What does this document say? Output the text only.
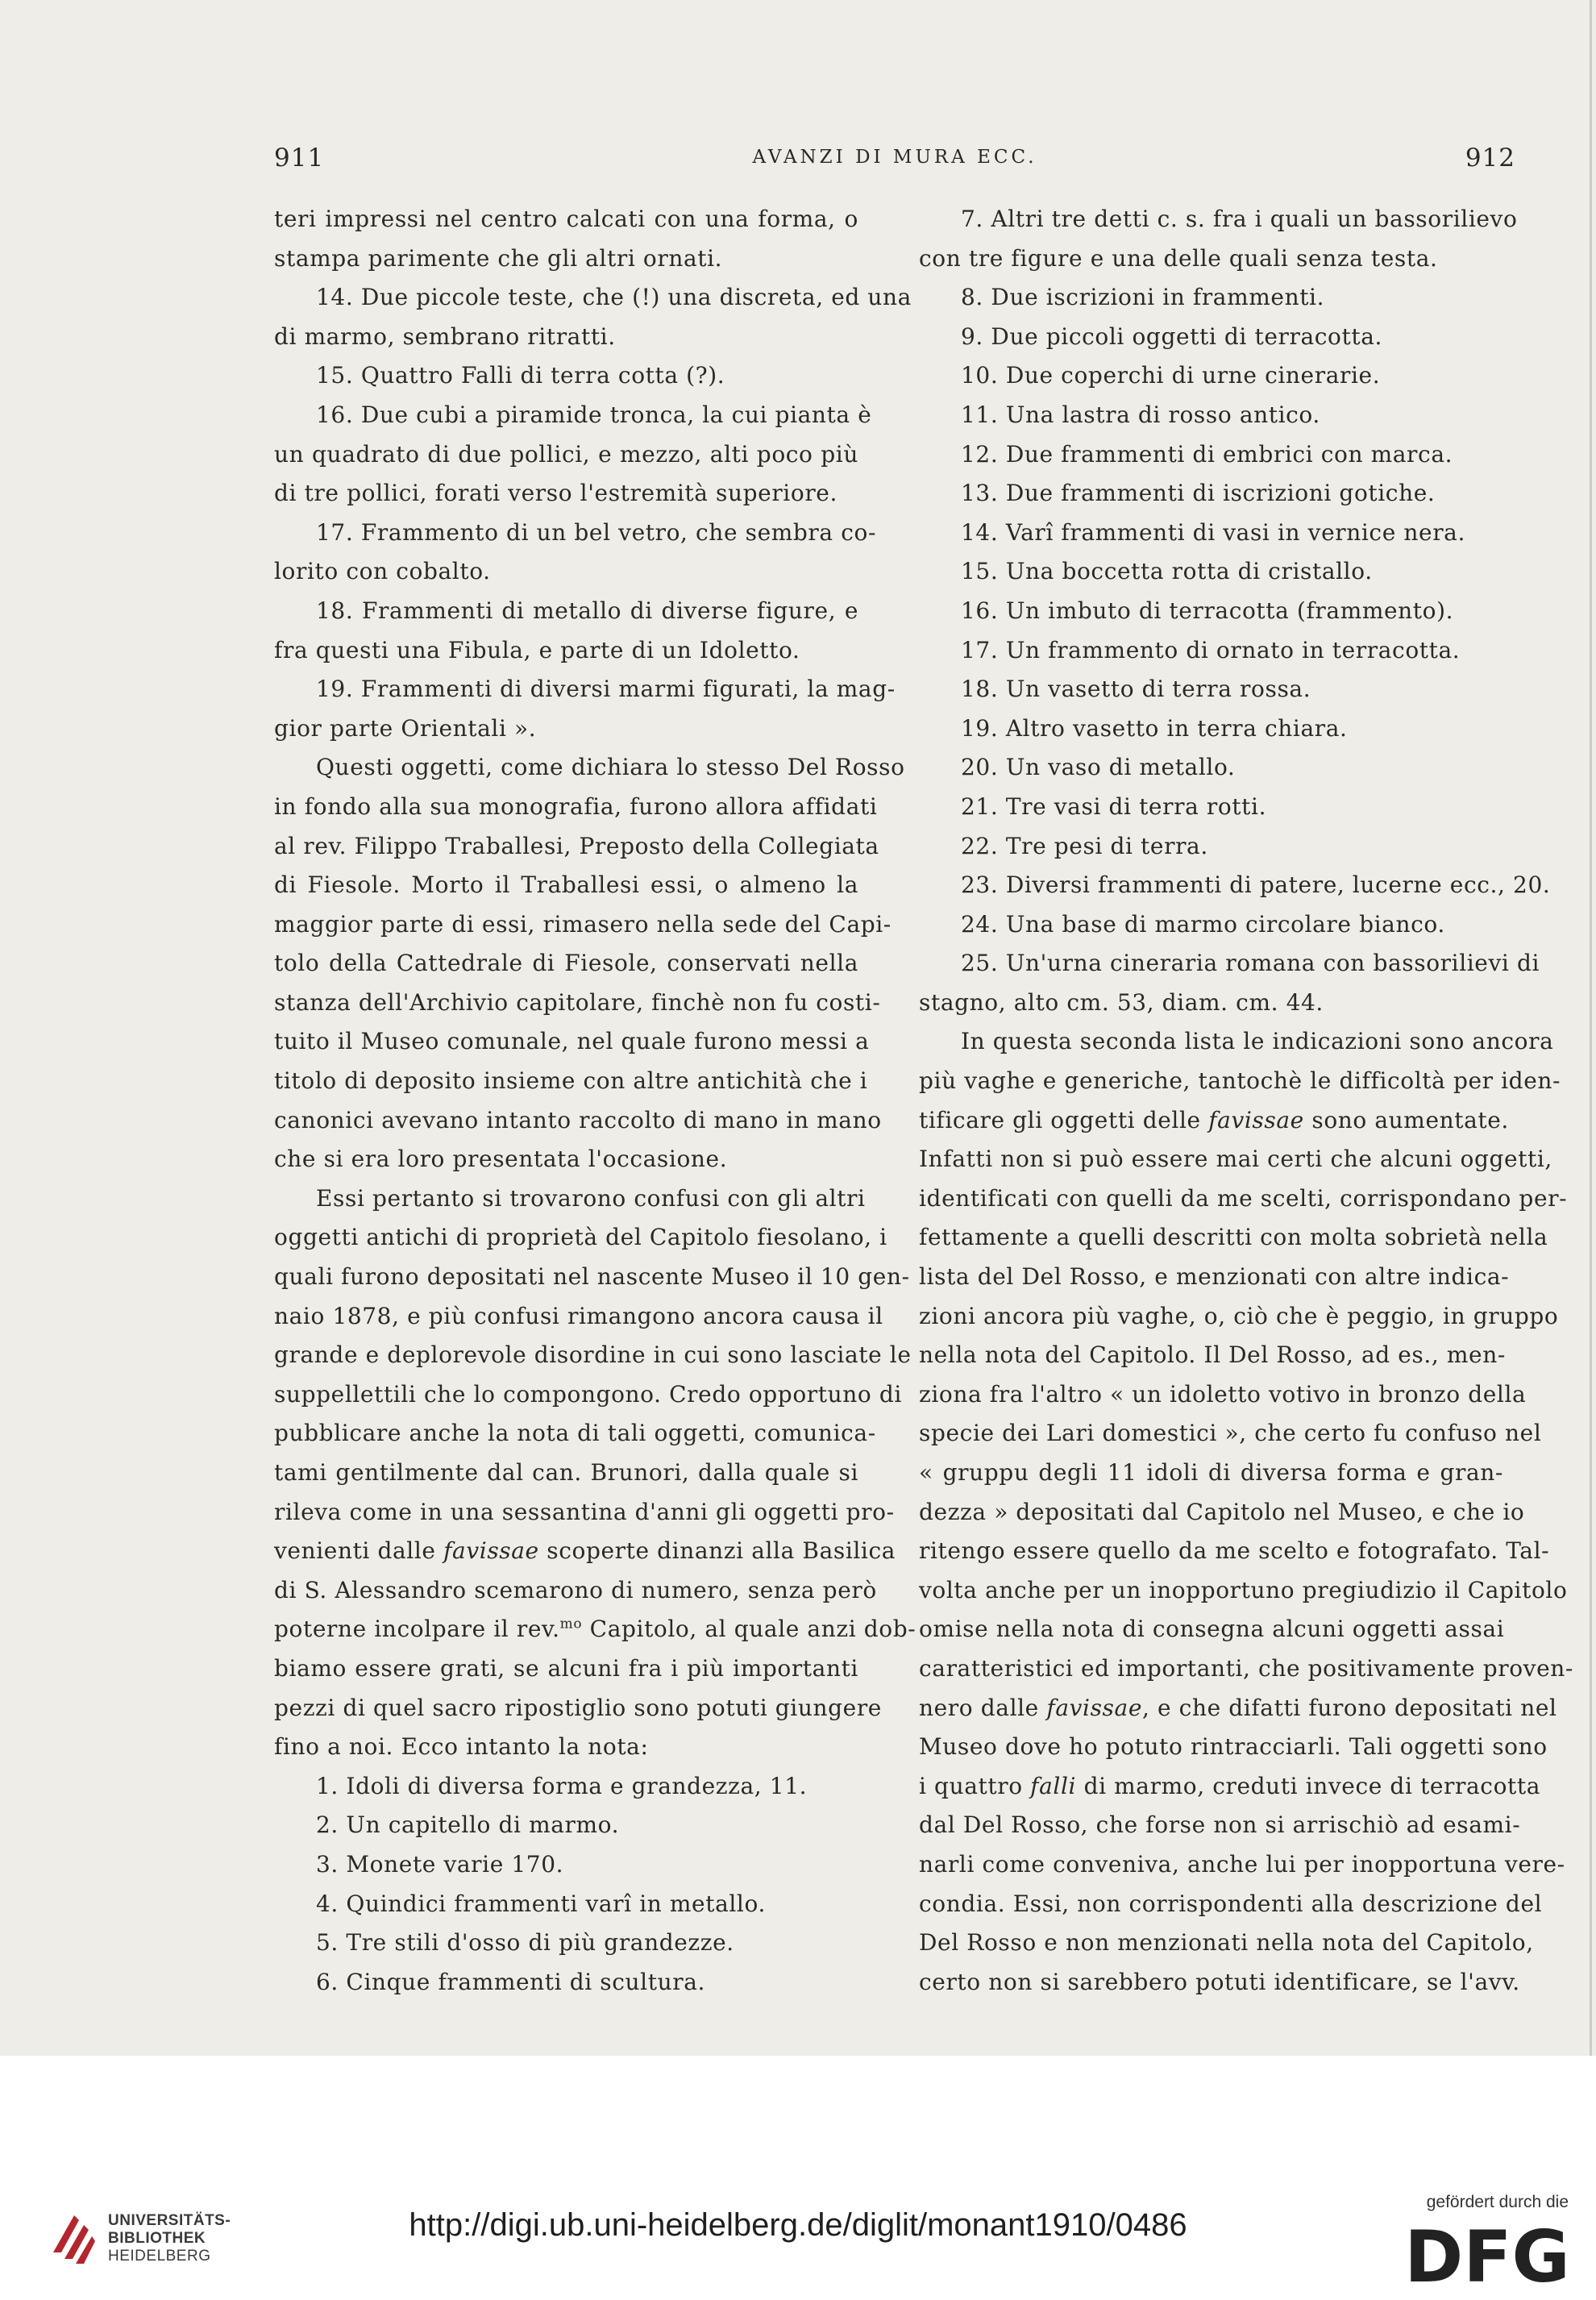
911	AVANZI DI MURA ECC.	912
teri impressi nel centro calcati con una forma, o
stampa parimente che gli altri ornati.
14. Due piccole teste, che (!) una discreta, ed una
di marmo, sembrano ritratti.
15. Quattro Falli di terra cotta (?).
16. Due cubi a piramide tronca, la cui pianta è
un quadrato di due pollici, e mezzo, alti poco più
di tre pollici, forati verso l'estremità superiore.
17. Frammento di un bel vetro, che sembra co-
lorito con cobalto.
18. Frammenti di metallo di diverse figure, e
fra questi una Fibula, e parte di un Idoletto.
19. Frammenti di diversi marmi figurati, la mag-
gior parte Orientali ».
Questi oggetti, come dichiara lo stesso Del Rosso
in fondo alla sua monografia, furono allora affidati
al rev. Filippo Traballesi, Preposto della Collegiata
di Fiesole. Morto il Traballesi essi, o almeno la
maggior parte di essi, rimasero nella sede del Capi-
tolo della Cattedrale di Fiesole, conservati nella
stanza dell'Archivio capitolare, finchè non fu costi-
tuito il Museo comunale, nel quale furono messi a
titolo di deposito insieme con altre antichità che i
canonici avevano intanto raccolto di mano in mano
che si era loro presentata l'occasione.
Essi pertanto si trovarono confusi con gli altri
oggetti antichi di proprietà del Capitolo fiesolano, i
quali furono depositati nel nascente Museo il 10 gen-
naio 1878, e più confusi rimangono ancora causa il
grande e deplorevole disordine in cui sono lasciate le
suppellettili che lo compongono. Credo opportuno di
pubblicare anche la nota di tali oggetti, comunica-
tami gentilmente dal can. Brunori, dalla quale si
rileva come in una sessantina d'anni gli oggetti pro-
venienti dalle favissae scoperte dinanzi alla Basilica
di S. Alessandro scemarono di numero, senza però
poterne incolpare il rev.$^{mo}$ Capitolo, al quale anzi dob-
biamo essere grati, se alcuni fra i più importanti
pezzi di quel sacro ripostiglio sono potuti giungere
fino a noi. Ecco intanto la nota:
1. Idoli di diversa forma e grandezza, 11.
2. Un capitello di marmo.
3. Monete varie 170.
4. Quindici frammenti varî in metallo.
5. Tre stili d'osso di più grandezze.
6. Cinque frammenti di scultura.
7. Altri tre detti c. s. fra i quali un bassorilievo
con tre figure e una delle quali senza testa.
8. Due iscrizioni in frammenti.
9. Due piccoli oggetti di terracotta.
10. Due coperchi di urne cinerarie.
11. Una lastra di rosso antico.
12. Due frammenti di embrici con marca.
13. Due frammenti di iscrizioni gotiche.
14. Varî frammenti di vasi in vernice nera.
15. Una boccetta rotta di cristallo.
16. Un imbuto di terracotta (frammento).
17. Un frammento di ornato in terracotta.
18. Un vasetto di terra rossa.
19. Altro vasetto in terra chiara.
20. Un vaso di metallo.
21. Tre vasi di terra rotti.
22. Tre pesi di terra.
23. Diversi frammenti di patere, lucerne ecc., 20.
24. Una base di marmo circolare bianco.
25. Un'urna cineraria romana con bassorilievi di
stagno, alto cm. 53, diam. cm. 44.
In questa seconda lista le indicazioni sono ancora
più vaghe e generiche, tantochè le difficoltà per iden-
tificare gli oggetti delle favissae sono aumentate.
Infatti non si può essere mai certi che alcuni oggetti,
identificati con quelli da me scelti, corrispondano per-
fettamente a quelli descritti con molta sobrietà nella
lista del Del Rosso, e menzionati con altre indica-
zioni ancora più vaghe, o, ciò che è peggio, in gruppo
nella nota del Capitolo. Il Del Rosso, ad es., men-
ziona fra l'altro « un idoletto votivo in bronzo della
specie dei Lari domestici », che certo fu confuso nel
« gruppu degli 11 idoli di diversa forma e gran-
dezza » depositati dal Capitolo nel Museo, e che io
ritengo essere quello da me scelto e fotografato. Tal-
volta anche per un inopportuno pregiudizio il Capitolo
omise nella nota di consegna alcuni oggetti assai
caratteristici ed importanti, che positivamente proven-
nero dalle favissae, e che difatti furono depositati nel
Museo dove ho potuto rintracciarli. Tali oggetti sono
i quattro falli di marmo, creduti invece di terracotta
dal Del Rosso, che forse non si arrischiò ad esami-
narli come conveniva, anche lui per inopportuna vere-
condia. Essi, non corrispondenti alla descrizione del
Del Rosso e non menzionati nella nota del Capitolo,
certo non si sarebbero potuti identificare, se l'avv.
UNIVERSITÄTS-
BIBLIOTHEK
HEIDELBERG
http://digi.ub.uni-heidelberg.de/diglit/monant1910/0486
gefördert durch die
DFG
